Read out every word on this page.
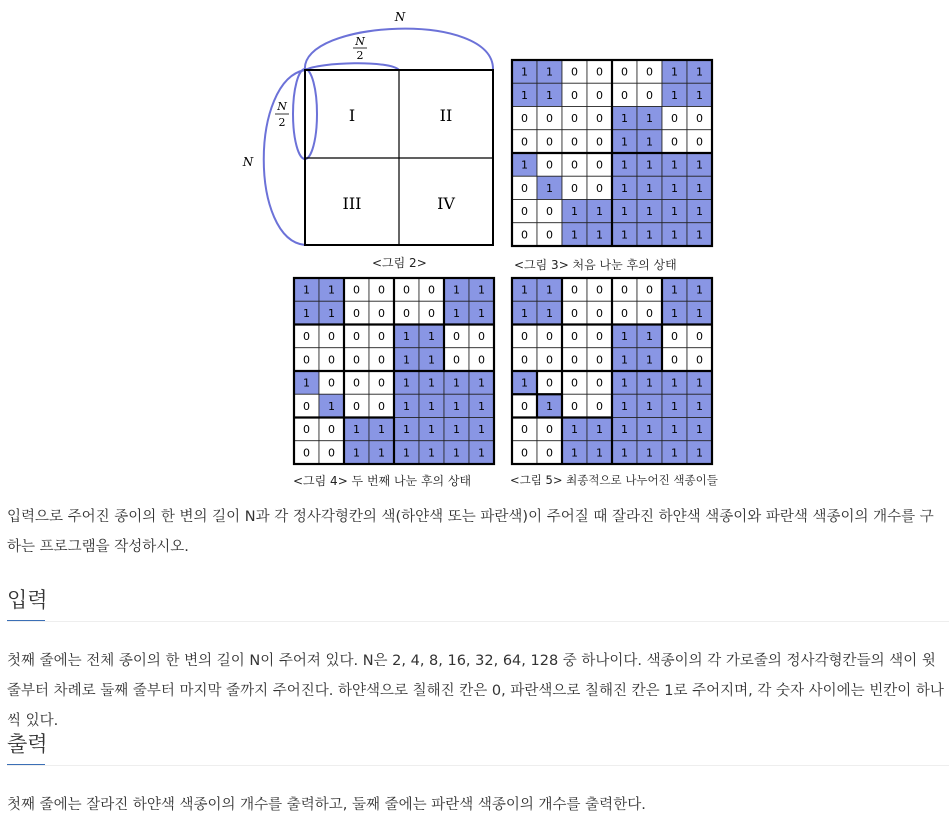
I	II
III	IV
N
N
2
N
N
2
1 1 0 0 0 0 1 1
1 1 0 0 0 0 1 1
0 0 0 0 1 1 0 0
0 0 0 0 1 1 0 0
1 0 0 0 1 1 1 1
0 1 0 0 1 1 1 1
0 0 1 1 1 1 1 1
0 0 1 1 1 1 1 1
1 1 0 0 0 0 1 1
1 1 0 0 0 0 1 1
0 0 0 0 1 1 0 0
0 0 0 0 1 1 0 0
1 0 0 0 1 1 1 1
0 1 0 0 1 1 1 1
0 0 1 1 1 1 1 1
0 0 1 1 1 1 1 1
1 1 0 0 0 0 1 1
1 1 0 0 0 0 1 1
0 0 0 0 1 1 0 0
0 0 0 0 1 1 0 0
1 0 0 0 1 1 1 1
0 1 0 0 1 1 1 1
0 0 1 1 1 1 1 1
0 0 1 1 1 1 1 1
<그림 2>	<그림 3> 처음 나눈 후의 상태
<그림 4> 두 번째 나눈 후의 상태	<그림 5> 최종적으로 나누어진 색종이들
입력으로 주어진 종이의 한 변의 길이 N과 각 정사각형칸의 색(하얀색 또는 파란색)이 주어질 때 잘라진 하얀색 색종이와 파란색 색종이의 개수를 구하는 프로그램을 작성하시오.
입력
첫째 줄에는 전체 종이의 한 변의 길이 N이 주어져 있다. N은 2, 4, 8, 16, 32, 64, 128 중 하나이다. 색종이의 각 가로줄의 정사각형칸들의 색이 윗줄부터 차례로 둘째 줄부터 마지막 줄까지 주어진다. 하얀색으로 칠해진 칸은 0, 파란색으로 칠해진 칸은 1로 주어지며, 각 숫자 사이에는 빈칸이 하나씩 있다.
출력
첫째 줄에는 잘라진 하얀색 색종이의 개수를 출력하고, 둘째 줄에는 파란색 색종이의 개수를 출력한다.
